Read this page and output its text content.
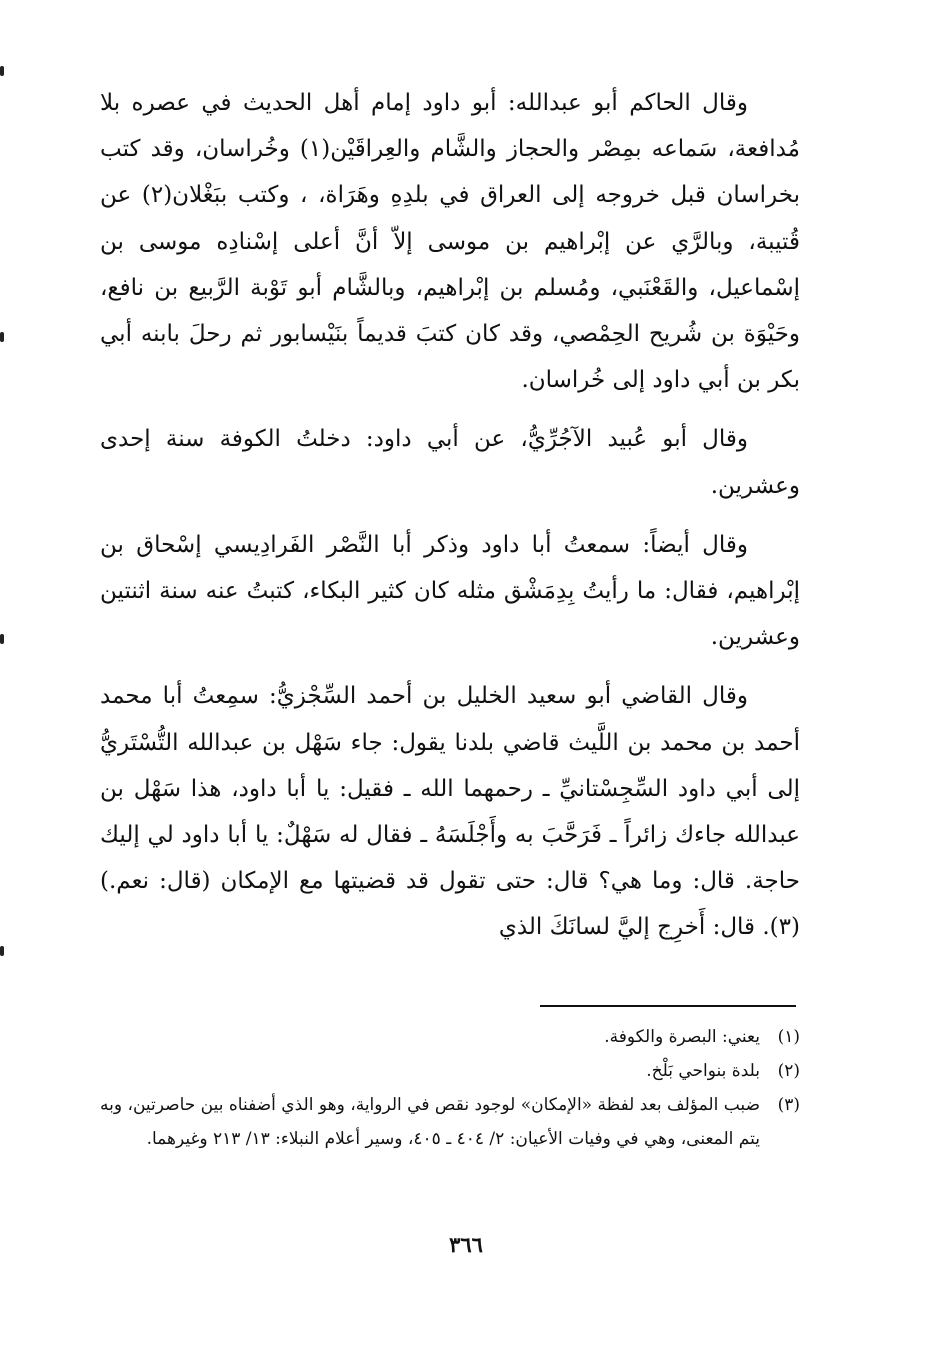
وقال الحاكم أبو عبدالله: أبو داود إمام أهل الحديث في عصره بلا مُدافعة، سَماعه بمِصْر والحجاز والشَّام والعِراقَيْن(١) وخُراسان، وقد كتب بخراسان قبل خروجه إلى العراق في بلدِهِ وهَرَاة، ، وكتب ببَغْلان(٢) عن قُتيبة، وبالرَّي عن إبْراهيم بن موسى إلاّ أنَّ أعلى إسْنادِه موسى بن إسْماعيل، والقَعْنَبي، ومُسلم بن إبْراهيم، وبالشَّام أبو تَوْبة الرَّبيع بن نافع، وحَيْوَة بن شُريح الحِمْصي، وقد كان كتبَ قديماً بنَيْسابور ثم رحلَ بابنه أبي بكر بن أبي داود إلى خُراسان.

وقال أبو عُبيد الآجُرِّيُّ، عن أبي داود: دخلتُ الكوفة سنة إحدى وعشرين.

وقال أيضاً: سمعتُ أبا داود وذكر أبا النَّصْر الفَرادِيسي إسْحاق بن إبْراهيم، فقال: ما رأيتُ بِدِمَشْق مثله كان كثير البكاء، كتبتُ عنه سنة اثنتين وعشرين.

وقال القاضي أبو سعيد الخليل بن أحمد السِّجْزيُّ: سمِعتُ أبا محمد أحمد بن محمد بن اللَّيث قاضي بلدنا يقول: جاء سَهْل بن عبدالله التُّسْتَريُّ إلى أبي داود السِّجِسْتانيِّ ـ رحمهما الله ـ فقيل: يا أبا داود، هذا سَهْل بن عبدالله جاءك زائراً ـ فَرَحَّبَ به وأَجْلَسَهُ ـ فقال له سَهْلٌ: يا أبا داود لي إليك حاجة. قال: وما هي؟ قال: حتى تقول قد قضيتها مع الإمكان (قال: نعم.)(٣). قال: أَخرِج إليَّ لسانَكَ الذي

(١)يعني: البصرة والكوفة.

(٢)بلدة بنواحي بَلْخ.

(٣)ضبب المؤلف بعد لفظة «الإمكان» لوجود نقص في الرواية، وهو الذي أضفناه بين حاصرتين، وبه يتم المعنى، وهي في وفيات الأعيان: ٢/ ٤٠٤ ـ ٤٠٥، وسير أعلام النبلاء: ١٣/ ٢١٣ وغيرهما.

٣٦٦
